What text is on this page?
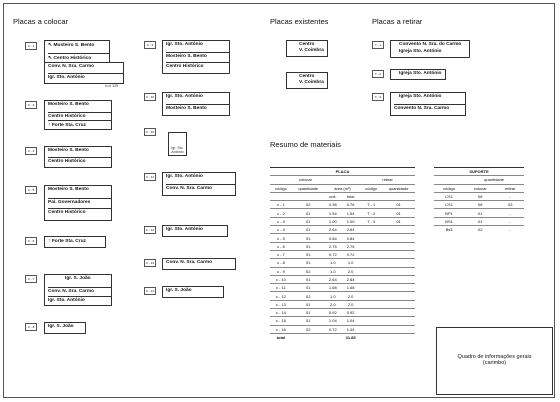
Placas a colocar	Placas existentes	Placas a retirar
Resumo de materiais
↖ Mosteiro S. Bento
↖ Centro Histórico
C - 1
Conv. N. Sra. Carmo
Igr. Sto. António
h=0.125
Mosteiro S. Bento
Centro Histórico
↑ Forte Sta. Cruz
C - 3
Mosteiro S. Bento
Centro Histórico
C - 4
Mosteiro S. Bento
Pal. Governadores
Centro Histórico
C - 5
↑ Forte Sta. Cruz
C - 6
Igr. S. João
Conv. N. Sra. Carmo
Igr. Sto. António
C - 7
Igr. S. João
C - 8
Igr. Sto. António
Mosteiro S. Bento
Centro Histórico
C - 9
Igr. Sto. António
Mosteiro S. Bento
C - 10
Igr. Sto. António
C - 15
Igr. Sto. António
Conv. N. Sra. Carmo
C - 11
Igr. Sto. António
C - 12
Conv. N. Sra. Carmo
C - 13
Igr. S. João
C - 14
Centro
V. Coimbra
Centro
V. Coimbra
Convento N. Sra. do Carmo
Igreja Sto. António
T - 1
Igreja Sto. António
T - 2
Igreja Sto. António
Convento N. Sra. Carmo
T - 3
PLACA					
colocar				retirar	
código	quantidade	área (m²)		código	quantidade
		unit.	total		
c - 1	02	0.38	0.76	T - 1	01
c - 2	01	1.54	1.54	T - 2	01
c - 3	01	1.00	1.00	T - 3	01
c - 4	01	2.64	2.64		
c - 5	01	0.84	0.84		
c - 6	01	2.75	2.75		
c - 7	01	0.72	0.72		
c - 8	01	1.0	1.0		
c - 9	02	1.0	2.0		
c - 10	01	2.64	2.64		
c - 11	01	1.68	1.68		
c - 12	02	1.0	2.0		
c - 13	01	2.0	2.0		
c - 14	01	0.92	0.92		
c - 15	01	1.04	1.04		
c - 16	02	0.72	1.44		
total			31.85		
SUPORTE		
	quantidade	
código	colocar	retirar
CS1	06	-
CS1	06	03
BP1	01	-
BS1	01	-
Bs3	02	-
Quadro de informações gerais
(carimbo)
